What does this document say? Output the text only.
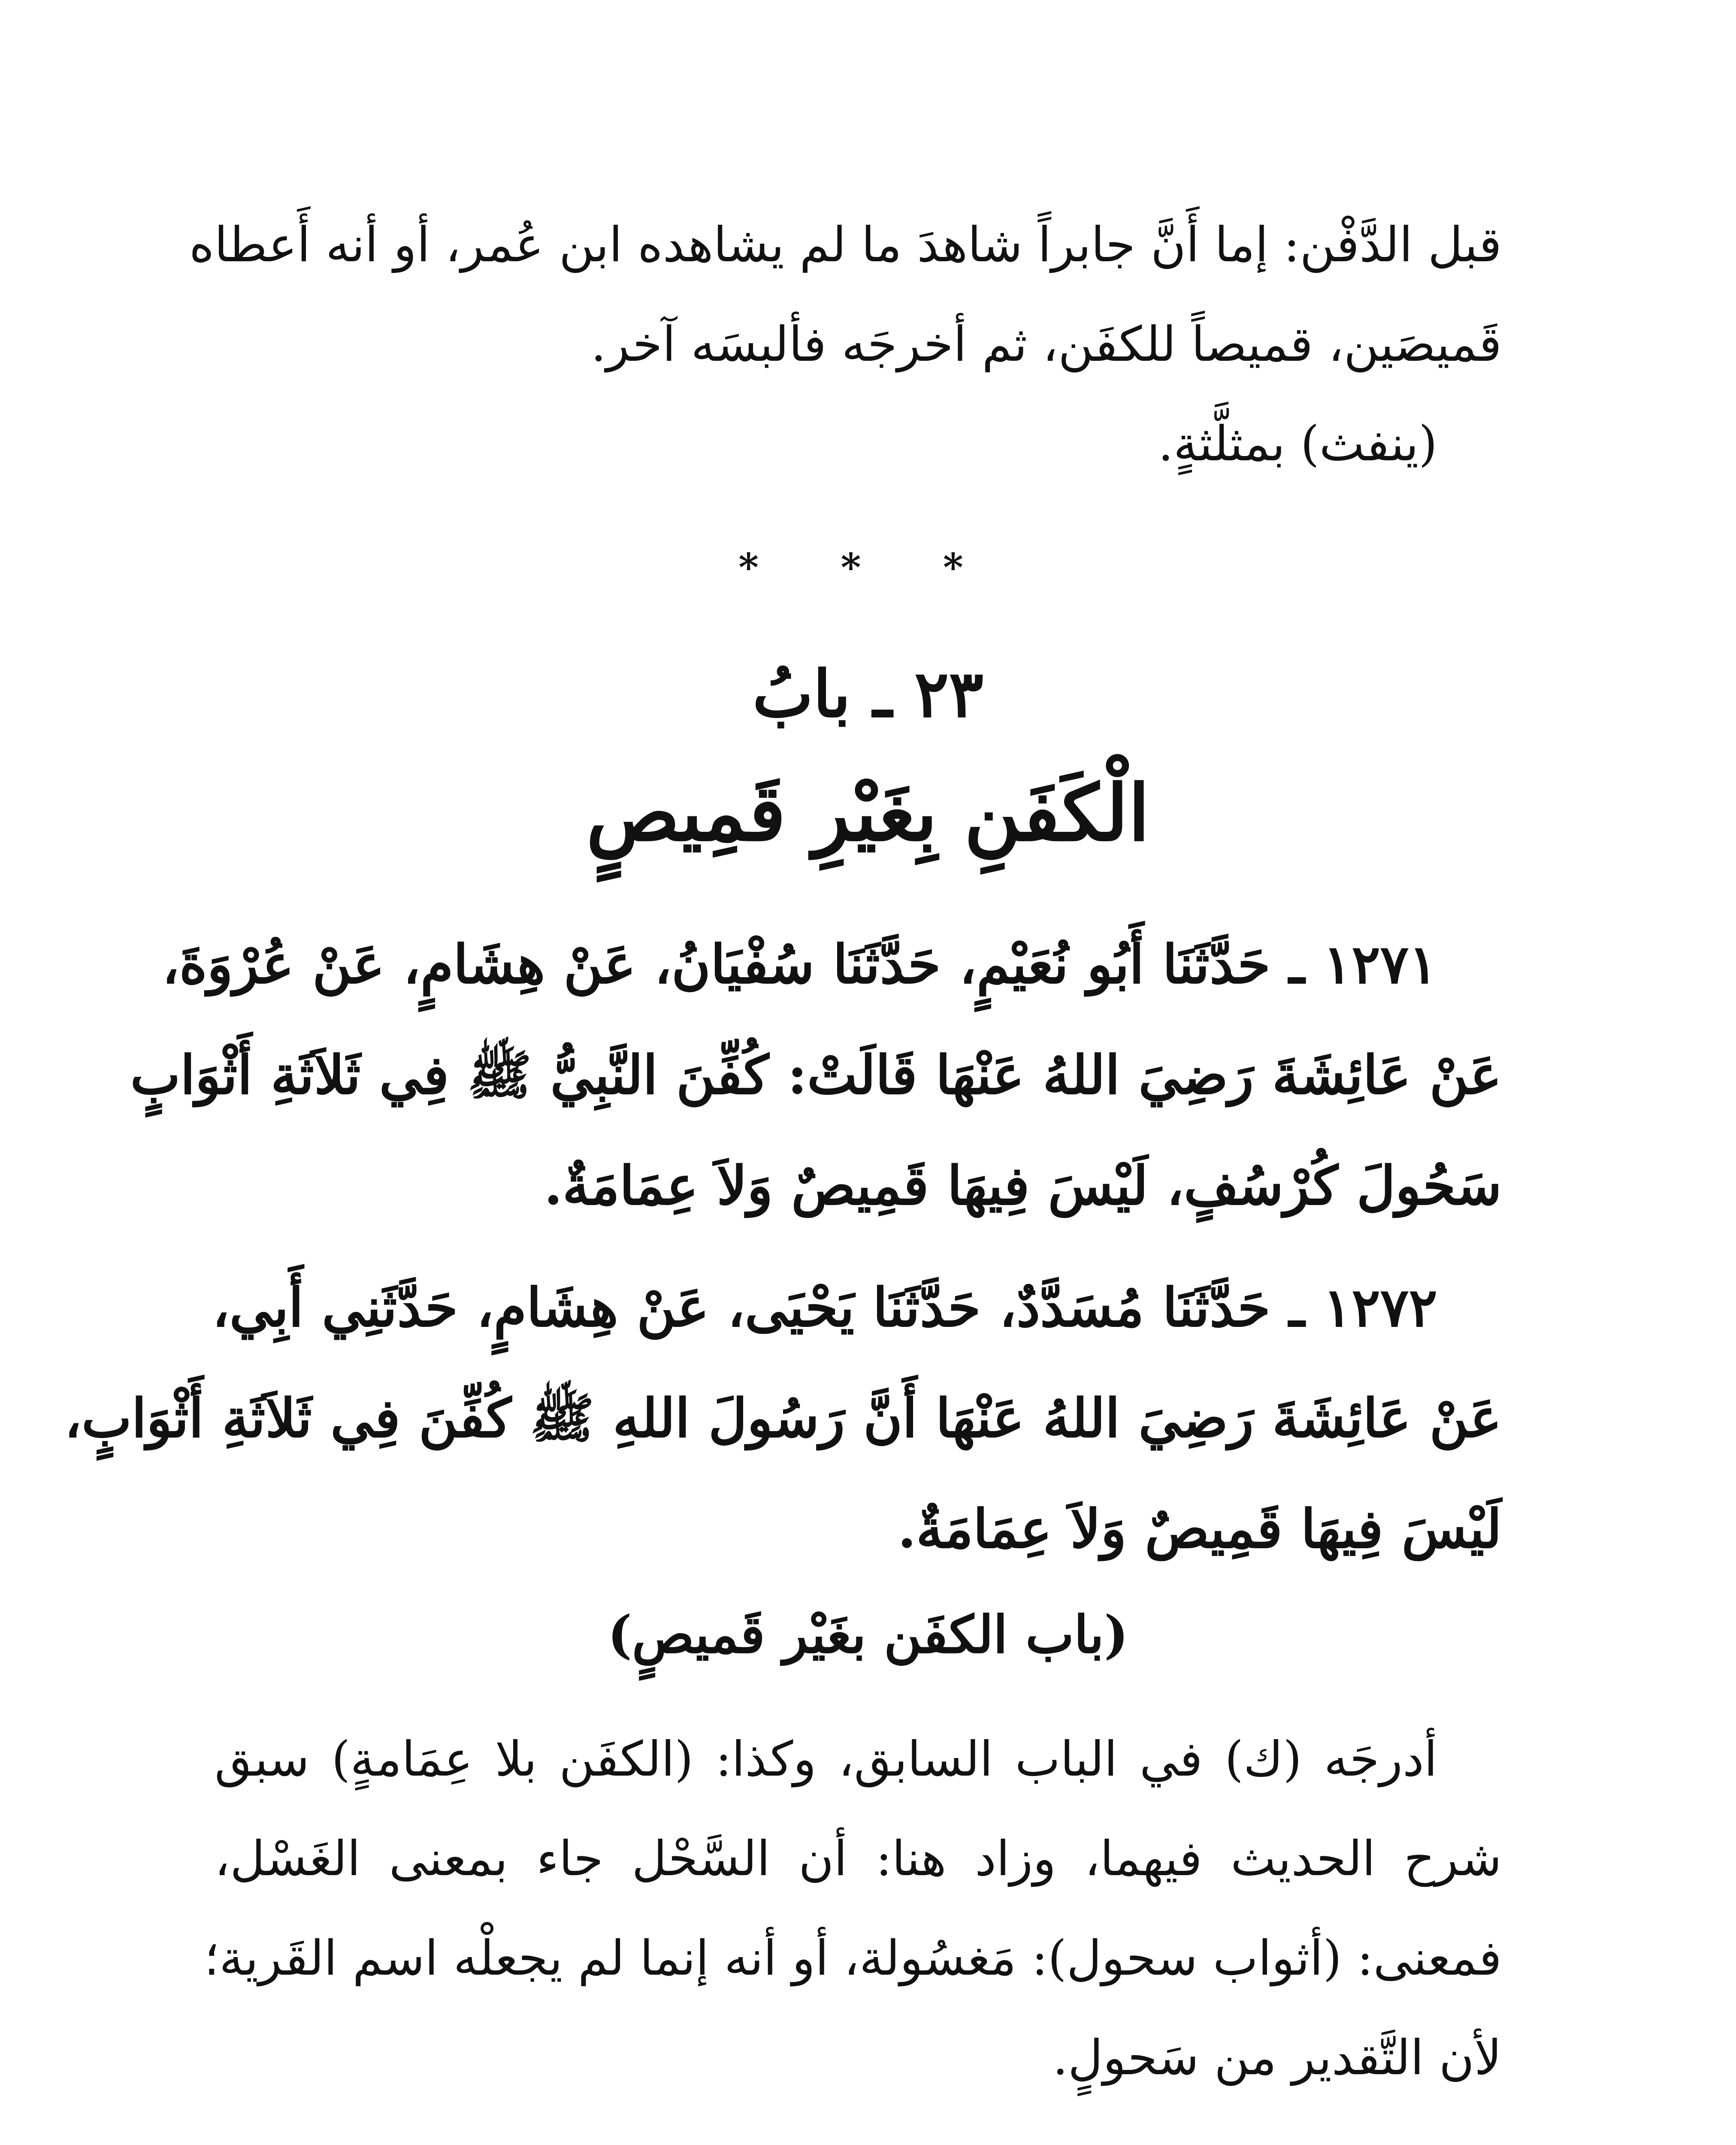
قبل الدَّفْن: إما أَنَّ جابراً شاهدَ ما لم يشاهده ابن عُمر، أو أنه أَعطاه
قَميصَين، قميصاً للكفَن، ثم أخرجَه فألبسَه آخر.
(ينفث) بمثلَّثةٍ.
* * *
٢٣ ـ بابُ
الْكَفَنِ بِغَيْرِ قَمِيصٍ
١٢٧١ ـ حَدَّثَنَا أَبُو نُعَيْمٍ، حَدَّثَنَا سُفْيَانُ، عَنْ هِشَامٍ، عَنْ عُرْوَةَ،
عَنْ عَائِشَةَ رَضِيَ اللهُ عَنْهَا قَالَتْ: كُفِّنَ النَّبِيُّ ﷺ فِي ثَلاَثَةِ أَثْوَابٍ
سَحُولَ كُرْسُفٍ، لَيْسَ فِيهَا قَمِيصٌ وَلاَ عِمَامَةٌ.
١٢٧٢ ـ حَدَّثَنَا مُسَدَّدٌ، حَدَّثَنَا يَحْيَى، عَنْ هِشَامٍ، حَدَّثَنِي أَبِي،
عَنْ عَائِشَةَ رَضِيَ اللهُ عَنْهَا أَنَّ رَسُولَ اللهِ ﷺ كُفِّنَ فِي ثَلاَثَةِ أَثْوَابٍ،
لَيْسَ فِيهَا قَمِيصٌ وَلاَ عِمَامَةٌ.
(باب الكفَن بغَيْر قَميصٍ)
أدرجَه (ك) في الباب السابق، وكذا: (الكفَن بلا عِمَامةٍ) سبق
شرح الحديث فيهما، وزاد هنا: أن السَّحْل جاء بمعنى الغَسْل،
فمعنى: (أثواب سحول): مَغسُولة، أو أنه إنما لم يجعلْه اسم القَرية؛
لأن التَّقدير من سَحولٍ.
